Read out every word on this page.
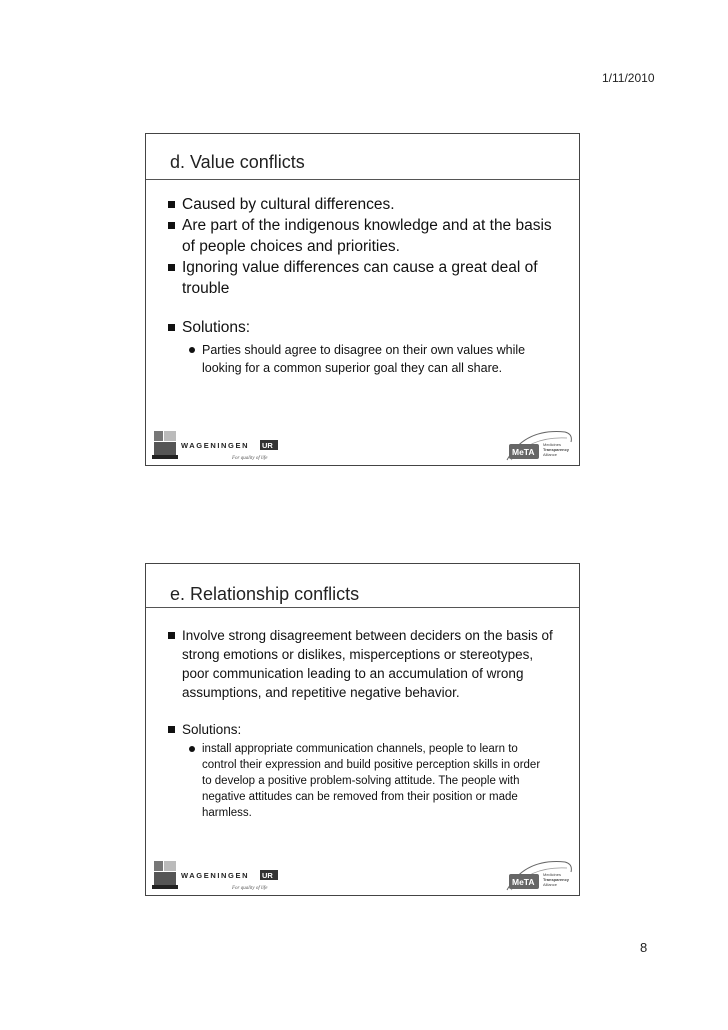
1/11/2010
d. Value conflicts
Caused by cultural differences.
Are part of the indigenous knowledge and at the basis of people choices and priorities.
Ignoring value differences can cause a great deal of trouble
Solutions:
Parties should agree to disagree on their own values while looking for a common superior goal they can all share.
WAGENINGEN UR
For quality of life
MeTA
Medicines
Transparency
Alliance
e. Relationship conflicts
Involve strong disagreement between deciders on the basis of strong emotions or dislikes, misperceptions or stereotypes, poor communication leading to an accumulation of wrong assumptions, and repetitive negative behavior.
Solutions:
install appropriate communication channels, people to learn to control their expression and build positive perception skills in order to develop a positive problem-solving attitude. The people with negative attitudes can be removed from their position or made harmless.
WAGENINGEN UR
For quality of life
MeTA
Medicines
Transparency
Alliance
8
